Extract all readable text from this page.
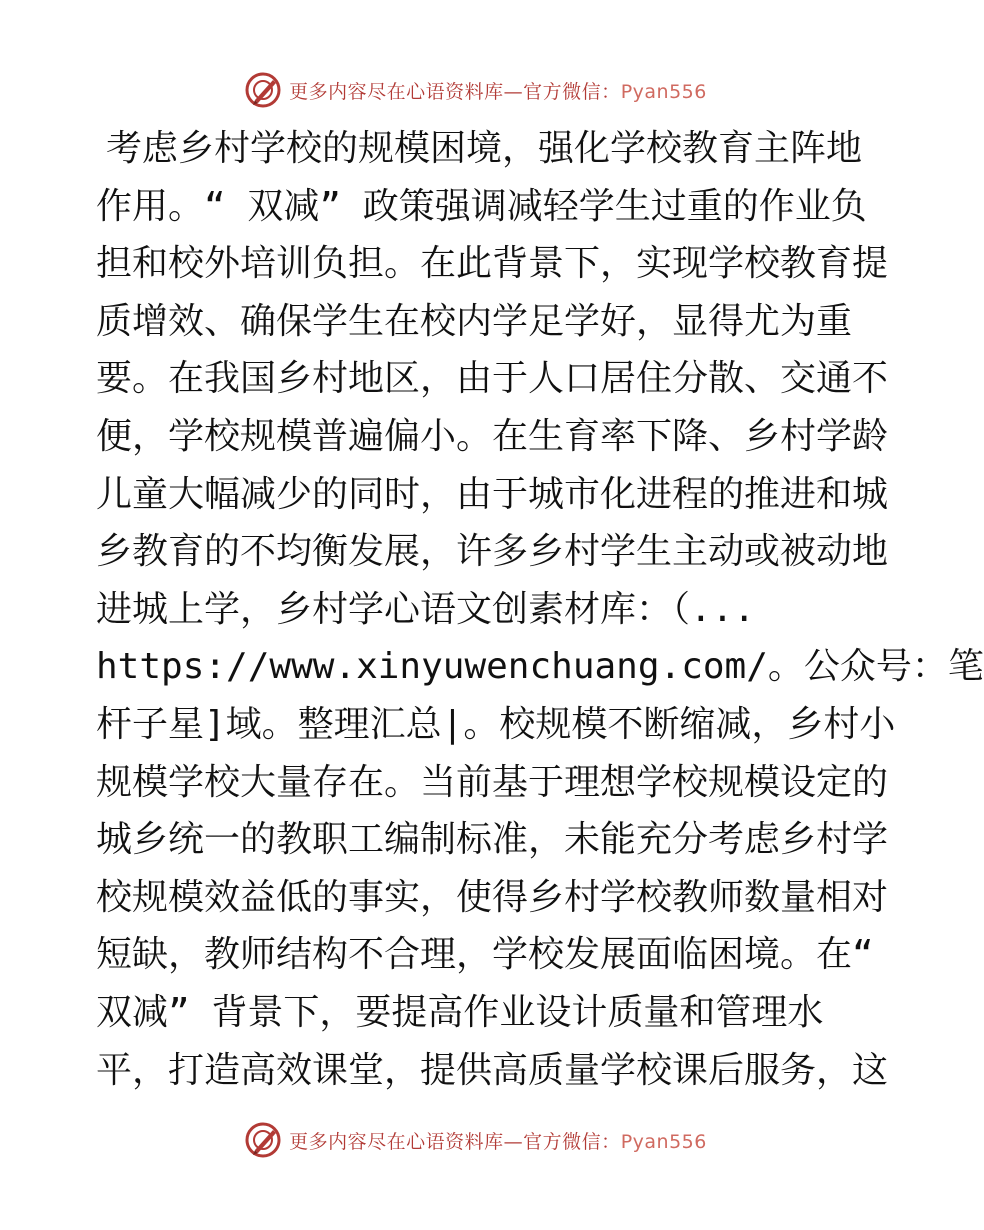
更多内容尽在心语资料库—官方微信：Pyan556
考虑乡村学校的规模困境，强化学校教育主阵地
作用。“ 双减” 政策强调减轻学生过重的作业负
担和校外培训负担。在此背景下，实现学校教育提
质增效、确保学生在校内学足学好，显得尤为重
要。在我国乡村地区，由于人口居住分散、交通不
便，学校规模普遍偏小。在生育率下降、乡村学龄
儿童大幅减少的同时，由于城市化进程的推进和城
乡教育的不均衡发展，许多乡村学生主动或被动地
进城上学，乡村学心语文创素材库：（...
https://www.xinyuwenchuang.com/。公众号：笔
杆子星]域。整理汇总|。校规模不断缩减，乡村小
规模学校大量存在。当前基于理想学校规模设定的
城乡统一的教职工编制标准，未能充分考虑乡村学
校规模效益低的事实，使得乡村学校教师数量相对
短缺，教师结构不合理，学校发展面临困境。在“
双减” 背景下，要提高作业设计质量和管理水
平，打造高效课堂，提供高质量学校课后服务，这
更多内容尽在心语资料库—官方微信：Pyan556
